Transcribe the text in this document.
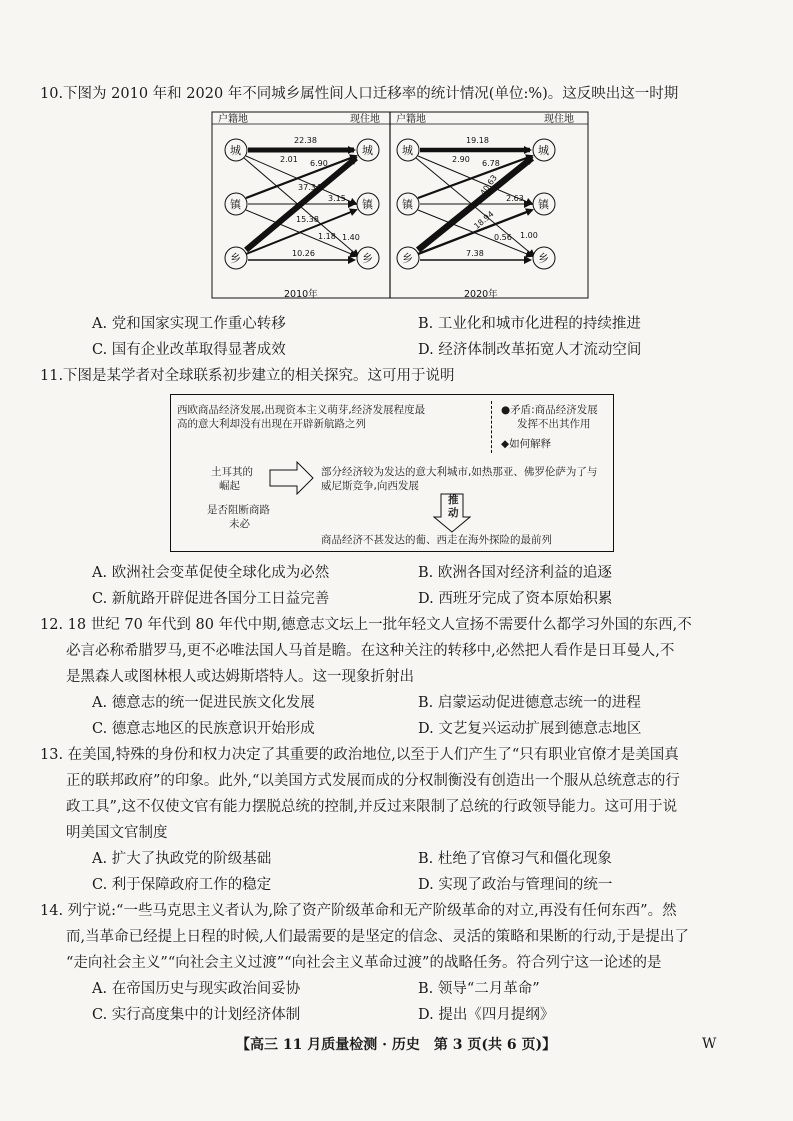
10.下图为 2010 年和 2020 年不同城乡属性间人口迁移率的统计情况(单位:%)。这反映出这一时期
户籍地	现住地 户籍地	现住地
城
镇
乡
城
镇
乡
22.38
2.01 6.90
37.34
3.15
15.38
1.18 1.40
10.26
2010年
城
镇
乡
城
镇
乡
19.18
2.90 6.78
40.63
2.63
18.94
0.56 1.00
7.38
2020年
A. 党和国家实现工作重心转移	B. 工业化和城市化进程的持续推进
C. 国有企业改革取得显著成效	D. 经济体制改革拓宽人才流动空间
11.下图是某学者对全球联系初步建立的相关探究。这可用于说明
西欧商品经济发展,出现资本主义萌芽,经济发展程度最
高的意大利却没有出现在开辟新航路之列
●矛盾:商品经济发展
发挥不出其作用
◆如何解释
土耳其的
崛起
部分经济较为发达的意大利城市,如热那亚、佛罗伦萨为了与
威尼斯竞争,向西发展
是否阻断商路
未必
推
动
商品经济不甚发达的葡、西走在海外探险的最前列
A. 欧洲社会变革促使全球化成为必然	B. 欧洲各国对经济利益的追逐
C. 新航路开辟促进各国分工日益完善	D. 西班牙完成了资本原始积累
12. 18 世纪 70 年代到 80 年代中期,德意志文坛上一批年轻文人宣扬不需要什么都学习外国的东西,不
必言必称希腊罗马,更不必唯法国人马首是瞻。在这种关注的转移中,必然把人看作是日耳曼人,不
是黑森人或图林根人或达姆斯塔特人。这一现象折射出
A. 德意志的统一促进民族文化发展	B. 启蒙运动促进德意志统一的进程
C. 德意志地区的民族意识开始形成	D. 文艺复兴运动扩展到德意志地区
13. 在美国,特殊的身份和权力决定了其重要的政治地位,以至于人们产生了“只有职业官僚才是美国真
正的联邦政府”的印象。此外,“以美国方式发展而成的分权制衡没有创造出一个服从总统意志的行
政工具”,这不仅使文官有能力摆脱总统的控制,并反过来限制了总统的行政领导能力。这可用于说
明美国文官制度
A. 扩大了执政党的阶级基础	B. 杜绝了官僚习气和僵化现象
C. 利于保障政府工作的稳定	D. 实现了政治与管理间的统一
14. 列宁说:“一些马克思主义者认为,除了资产阶级革命和无产阶级革命的对立,再没有任何东西”。然
而,当革命已经提上日程的时候,人们最需要的是坚定的信念、灵活的策略和果断的行动,于是提出了
“走向社会主义”“向社会主义过渡”“向社会主义革命过渡”的战略任务。符合列宁这一论述的是
A. 在帝国历史与现实政治间妥协	B. 领导“二月革命”
C. 实行高度集中的计划经济体制	D. 提出《四月提纲》
【高三 11 月质量检测 · 历史　第 3 页(共 6 页)】	W
